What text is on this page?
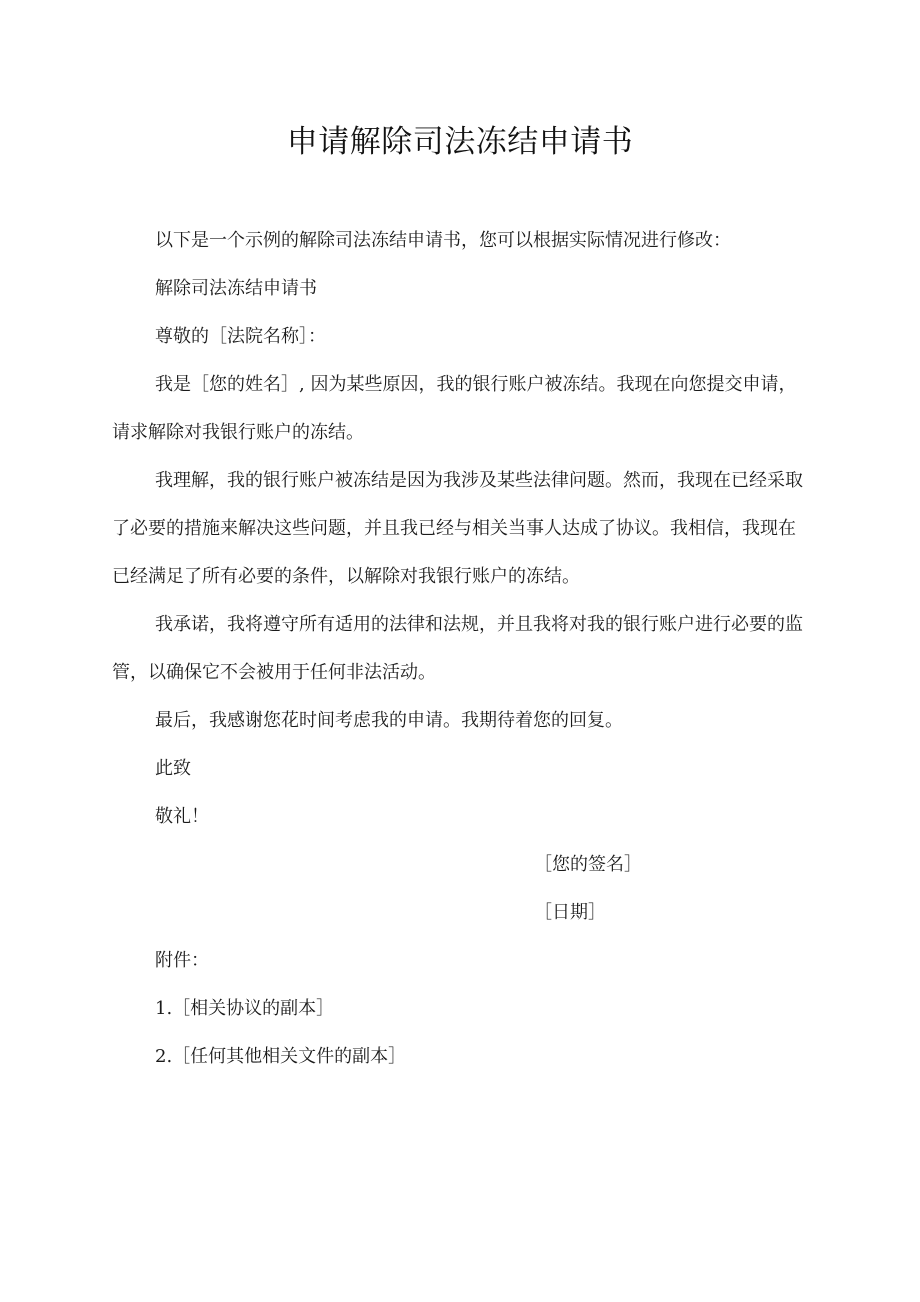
申请解除司法冻结申请书

以下是一个示例的解除司法冻结申请书，您可以根据实际情况进行修改：

解除司法冻结申请书

尊敬的［法院名称］：

我是［您的姓名］, 因为某些原因，我的银行账户被冻结。我现在向您提交申请，请求解除对我银行账户的冻结。

我理解，我的银行账户被冻结是因为我涉及某些法律问题。然而，我现在已经采取了必要的措施来解决这些问题，并且我已经与相关当事人达成了协议。我相信，我现在已经满足了所有必要的条件，以解除对我银行账户的冻结。

我承诺，我将遵守所有适用的法律和法规，并且我将对我的银行账户进行必要的监管，以确保它不会被用于任何非法活动。

最后，我感谢您花时间考虑我的申请。我期待着您的回复。

此致

敬礼！

［您的签名］

［日期］

附件：

1.［相关协议的副本］

2.［任何其他相关文件的副本］
